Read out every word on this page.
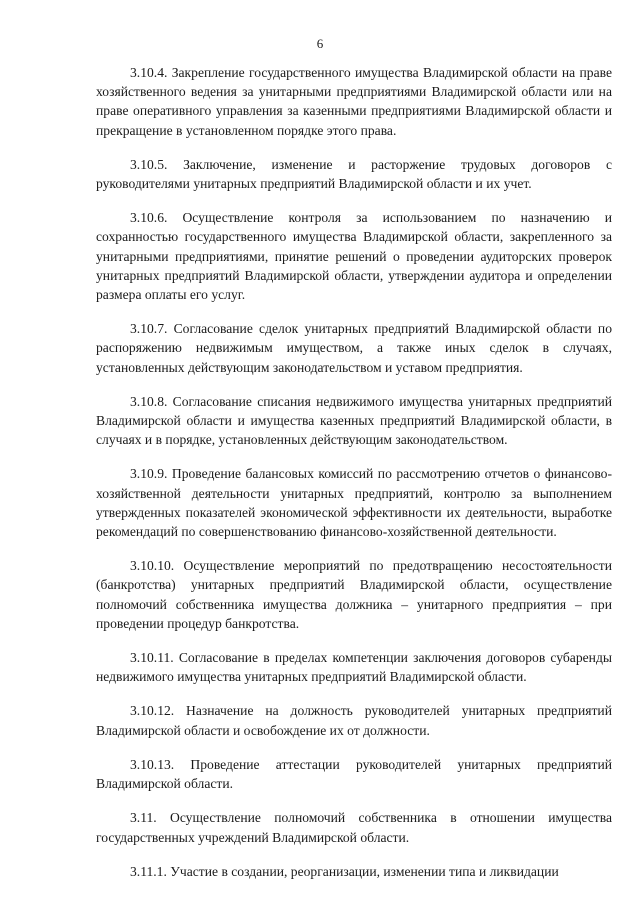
6

3.10.4. Закрепление государственного имущества Владимирской области на праве хозяйственного ведения за унитарными предприятиями Владимирской области или на праве оперативного управления за казенными предприятиями Владимирской области и прекращение в установленном порядке этого права.

3.10.5. Заключение, изменение и расторжение трудовых договоров с руководителями унитарных предприятий Владимирской области и их учет.

3.10.6. Осуществление контроля за использованием по назначению и сохранностью государственного имущества Владимирской области, закрепленного за унитарными предприятиями, принятие решений о проведении аудиторских проверок унитарных предприятий Владимирской области, утверждении аудитора и определении размера оплаты его услуг.

3.10.7. Согласование сделок унитарных предприятий Владимирской области по распоряжению недвижимым имуществом, а также иных сделок в случаях, установленных действующим законодательством и уставом предприятия.

3.10.8. Согласование списания недвижимого имущества унитарных предприятий Владимирской области и имущества казенных предприятий Владимирской области, в случаях и в порядке, установленных действующим законодательством.

3.10.9. Проведение балансовых комиссий по рассмотрению отчетов о финансово-хозяйственной деятельности унитарных предприятий, контролю за выполнением утвержденных показателей экономической эффективности их деятельности, выработке рекомендаций по совершенствованию финансово-хозяйственной деятельности.

3.10.10. Осуществление мероприятий по предотвращению несостоятельности (банкротства) унитарных предприятий Владимирской области, осуществление полномочий собственника имущества должника – унитарного предприятия – при проведении процедур банкротства.

3.10.11. Согласование в пределах компетенции заключения договоров субаренды недвижимого имущества унитарных предприятий Владимирской области.

3.10.12. Назначение на должность руководителей унитарных предприятий Владимирской области и освобождение их от должности.

3.10.13. Проведение аттестации руководителей унитарных предприятий Владимирской области.

3.11. Осуществление полномочий собственника в отношении имущества государственных учреждений Владимирской области.

3.11.1. Участие в создании, реорганизации, изменении типа и ликвидации
